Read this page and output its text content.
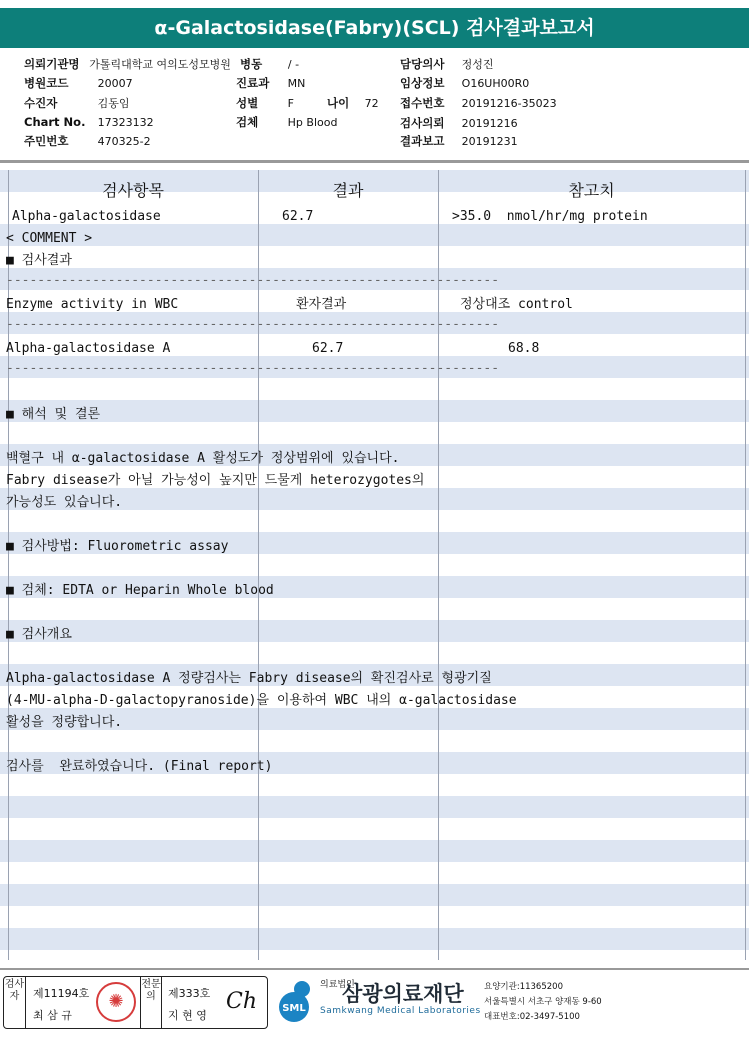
α-Galactosidase(Fabry)(SCL) 검사결과보고서
의뢰기관명 가톨릭대학교 여의도성모병원 병동 / -	담당의사 정성진
병원코드	20007	진료과 MN	임상정보 O16UH00R0
수진자	김동임	성별	F	나이 72 접수번호 20191216-35023
Chart No. 17323132	검체	Hp Blood	검사의뢰 20191216
주민번호	470325-2	결과보고 20191231
검사항목	결과	참고치
Alpha-galactosidase	62.7	>35.0  nmol/hr/mg protein
< COMMENT >
■ 검사결과
---------------------------------------------------------------
Enzyme activity in WBC	환자결과	정상대조 control
---------------------------------------------------------------
Alpha-galactosidase A	62.7	68.8
---------------------------------------------------------------
■ 해석 및 결론
백혈구 내 α-galactosidase A 활성도가 정상범위에 있습니다.
Fabry disease가 아닐 가능성이 높지만 드물게 heterozygotes의
가능성도 있습니다.
■ 검사방법: Fluorometric assay
■ 검체: EDTA or Heparin Whole blood
■ 검사개요
Alpha-galactosidase A 정량검사는 Fabry disease의 확진검사로 형광기질
(4-MU-alpha-D-galactopyranoside)을 이용하여 WBC 내의 α-galactosidase
활성을 정량합니다.
검사를  완료하였습니다. (Final report)
검사자	제11194호
최 삼 규
✺
전문의	제333호
지 현 영
Ch	SML
의료법인
삼광의료재단
Samkwang Medical Laboratories
요양기관:11365200
서울특별시 서초구 양재동 9-60
대표번호:02-3497-5100
